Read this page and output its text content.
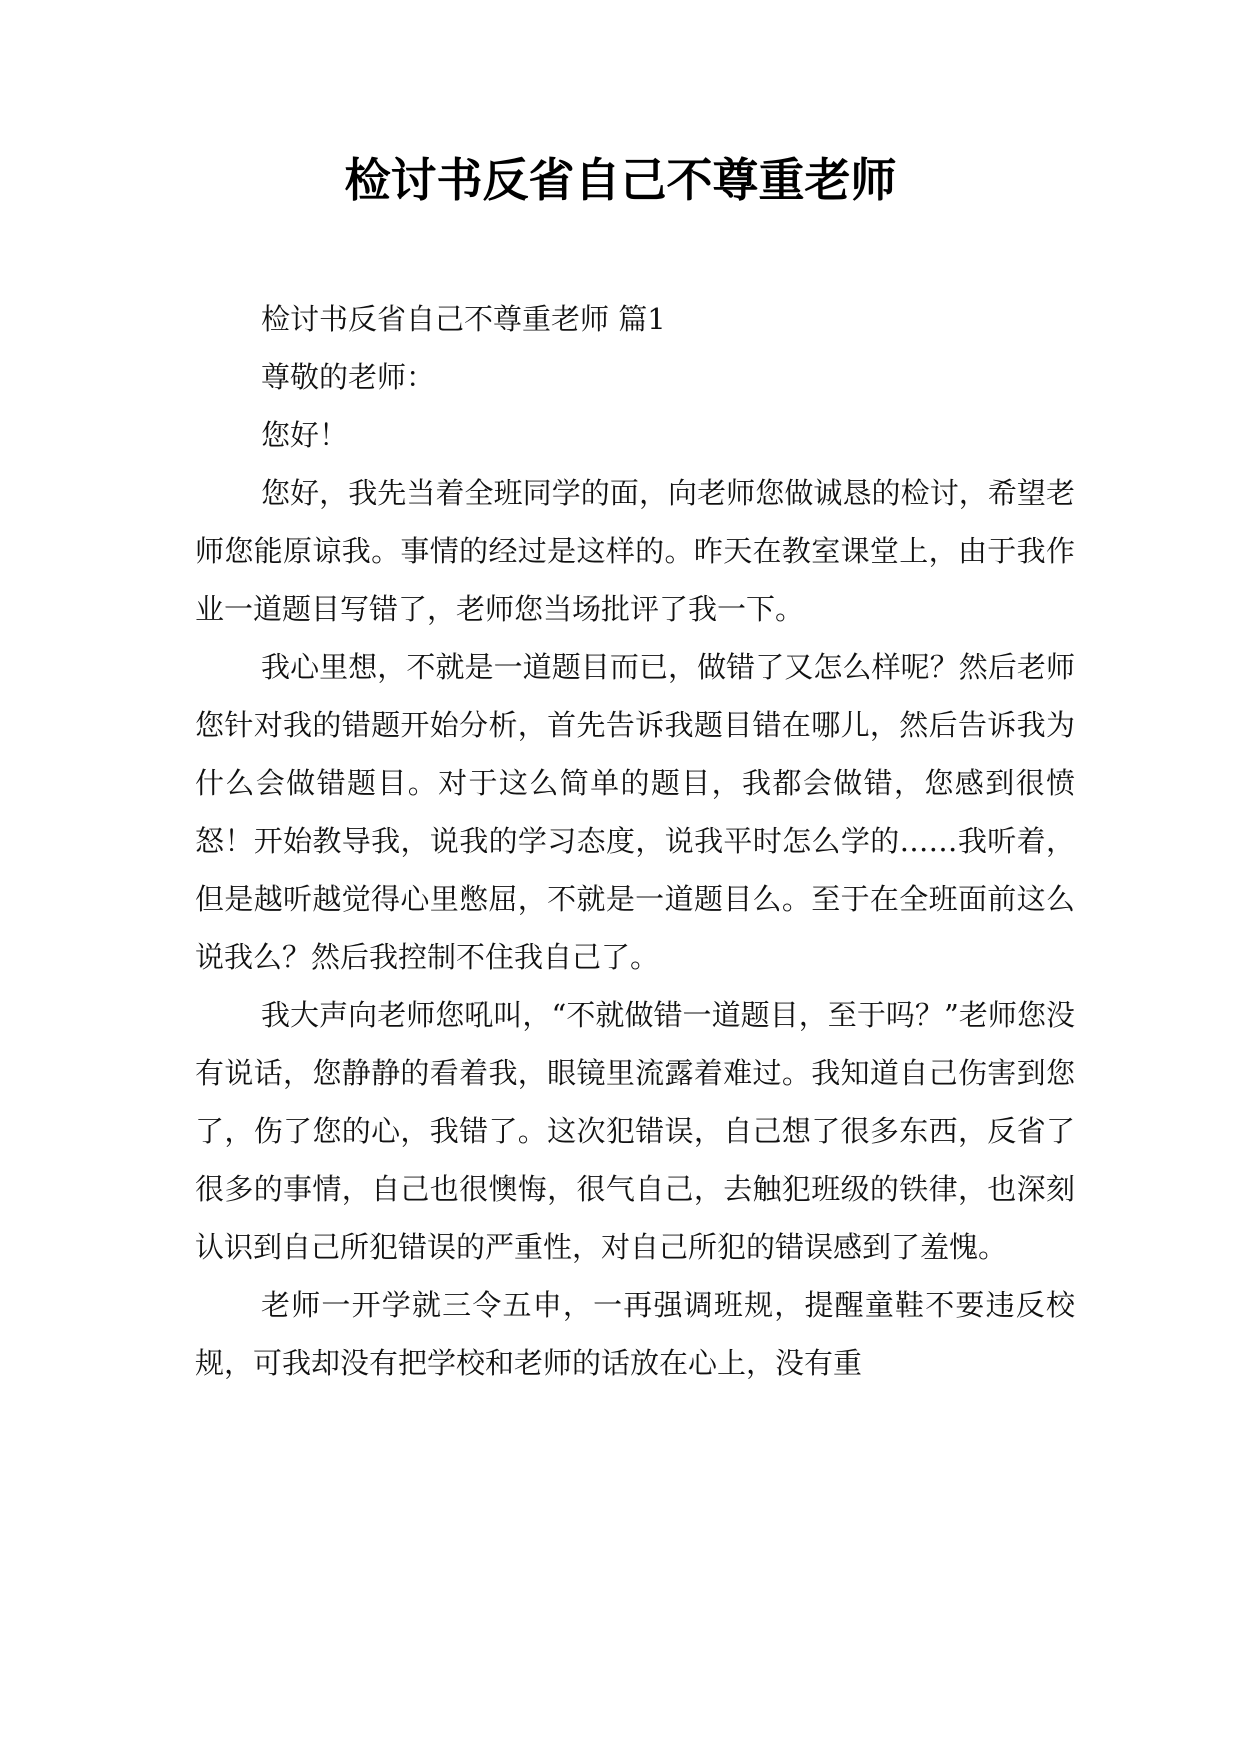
检讨书反省自己不尊重老师

检讨书反省自己不尊重老师 篇1

尊敬的老师：

您好！

您好，我先当着全班同学的面，向老师您做诚恳的检讨，希望老师您能原谅我。事情的经过是这样的。昨天在教室课堂上，由于我作业一道题目写错了，老师您当场批评了我一下。

我心里想，不就是一道题目而已，做错了又怎么样呢？然后老师您针对我的错题开始分析，首先告诉我题目错在哪儿，然后告诉我为什么会做错题目。对于这么简单的题目，我都会做错，您感到很愤怒！开始教导我，说我的学习态度，说我平时怎么学的……我听着，但是越听越觉得心里憋屈，不就是一道题目么。至于在全班面前这么说我么？然后我控制不住我自己了。

我大声向老师您吼叫，“不就做错一道题目，至于吗？”老师您没有说话，您静静的看着我，眼镜里流露着难过。我知道自己伤害到您了，伤了您的心，我错了。这次犯错误，自己想了很多东西，反省了很多的事情，自己也很懊悔，很气自己，去触犯班级的铁律，也深刻认识到自己所犯错误的严重性，对自己所犯的错误感到了羞愧。

老师一开学就三令五申，一再强调班规，提醒童鞋不要违反校规，可我却没有把学校和老师的话放在心上，没有重
